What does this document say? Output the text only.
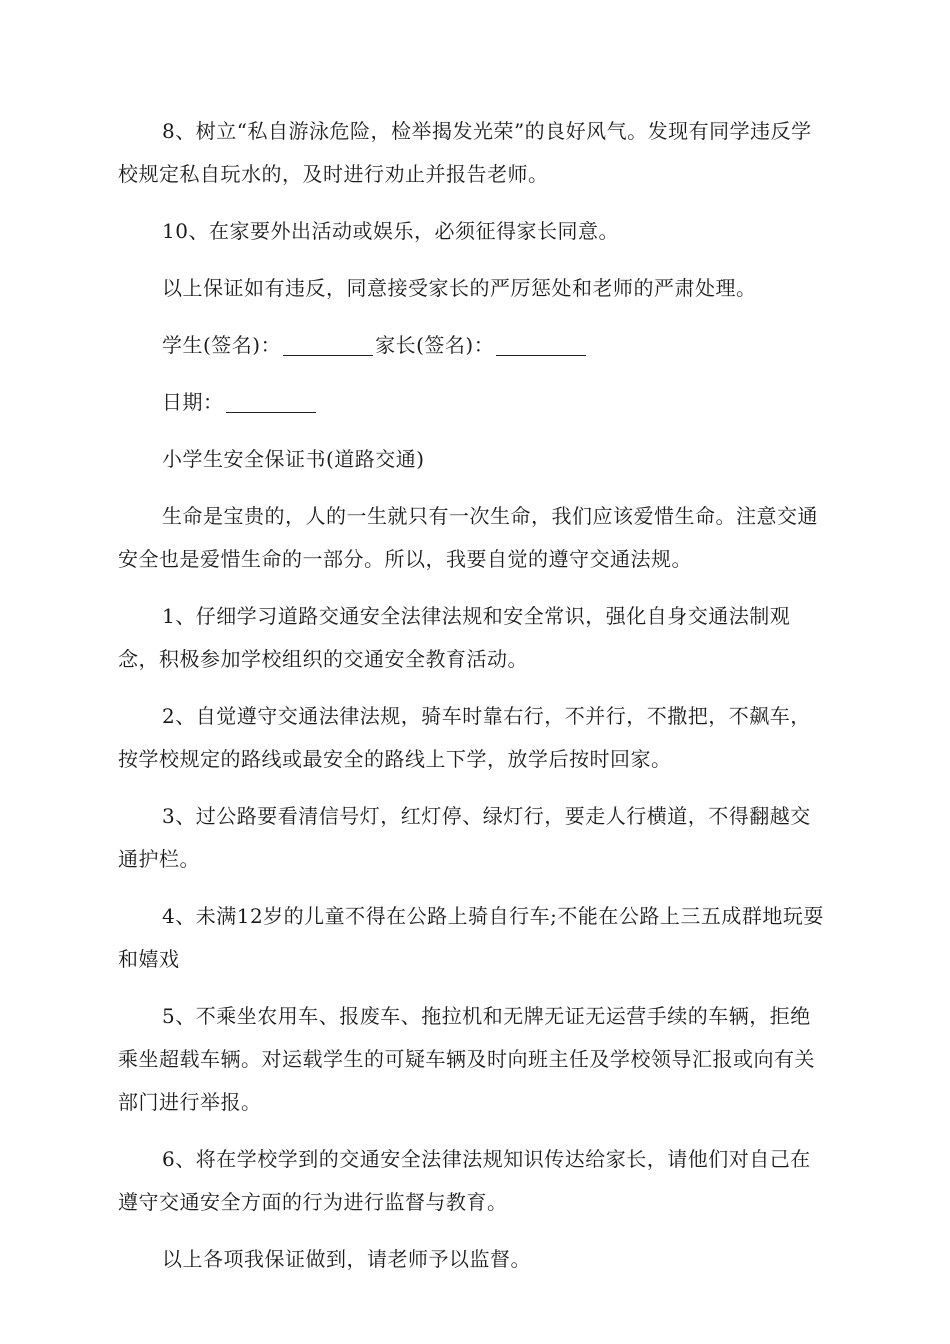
8、树立“私自游泳危险，检举揭发光荣”的良好风气。发现有同学违反学校规定私自玩水的，及时进行劝止并报告老师。

10、在家要外出活动或娱乐，必须征得家长同意。

以上保证如有违反，同意接受家长的严厉惩处和老师的严肃处理。

学生(签名)：	家长(签名)：

日期：

小学生安全保证书(道路交通)

生命是宝贵的，人的一生就只有一次生命，我们应该爱惜生命。注意交通安全也是爱惜生命的一部分。所以，我要自觉的遵守交通法规。

1、仔细学习道路交通安全法律法规和安全常识，强化自身交通法制观念，积极参加学校组织的交通安全教育活动。

2、自觉遵守交通法律法规，骑车时靠右行，不并行，不撒把，不飙车，按学校规定的路线或最安全的路线上下学，放学后按时回家。

3、过公路要看清信号灯，红灯停、绿灯行，要走人行横道，不得翻越交通护栏。

4、未满12岁的儿童不得在公路上骑自行车;不能在公路上三五成群地玩耍和嬉戏

5、不乘坐农用车、报废车、拖拉机和无牌无证无运营手续的车辆，拒绝乘坐超载车辆。对运载学生的可疑车辆及时向班主任及学校领导汇报或向有关部门进行举报。

6、将在学校学到的交通安全法律法规知识传达给家长，请他们对自己在遵守交通安全方面的行为进行监督与教育。

以上各项我保证做到，请老师予以监督。
